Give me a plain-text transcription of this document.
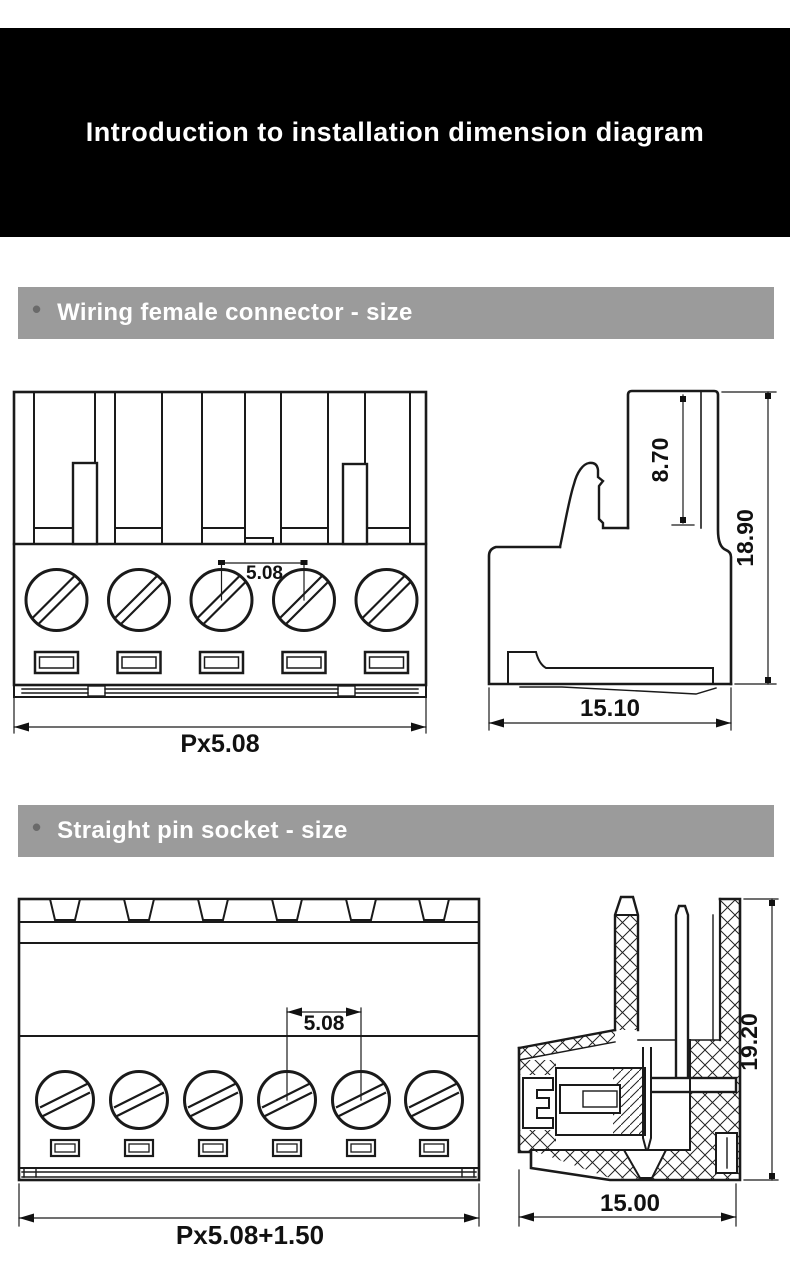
Introduction to installation dimension diagram
• Wiring female connector - size
5.08
Px5.08
8.70
18.90
15.10
• Straight pin socket - size
5.08
Px5.08+1.50
19.20
15.00
